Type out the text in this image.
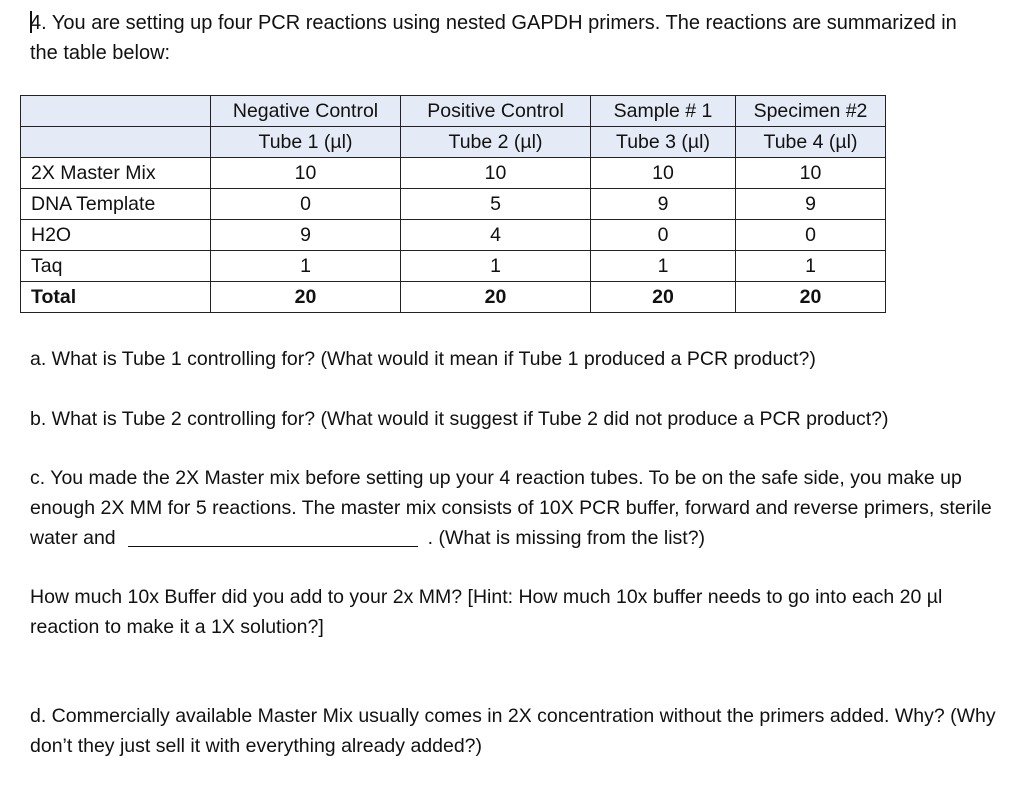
4. You are setting up four PCR reactions using nested GAPDH primers. The reactions are summarized in the table below:
	Negative Control	Positive Control	Sample # 1	Specimen #2
	Tube 1 (µl)	Tube 2 (µl)	Tube 3 (µl)	Tube 4 (µl)
2X Master Mix	10	10	10	10
DNA Template	0	5	9	9
H2O	9	4	0	0
Taq	1	1	1	1
Total	20	20	20	20
a. What is Tube 1 controlling for? (What would it mean if Tube 1 produced a PCR product?)
b. What is Tube 2 controlling for? (What would it suggest if Tube 2 did not produce a PCR product?)
c. You made the 2X Master mix before setting up your 4 reaction tubes. To be on the safe side, you make up enough 2X MM for 5 reactions. The master mix consists of 10X PCR buffer, forward and reverse primers, sterile water and	. (What is missing from the list?)
How much 10x Buffer did you add to your 2x MM? [Hint: How much 10x buffer needs to go into each 20 µl reaction to make it a 1X solution?]
d. Commercially available Master Mix usually comes in 2X concentration without the primers added. Why? (Why don’t they just sell it with everything already added?)
